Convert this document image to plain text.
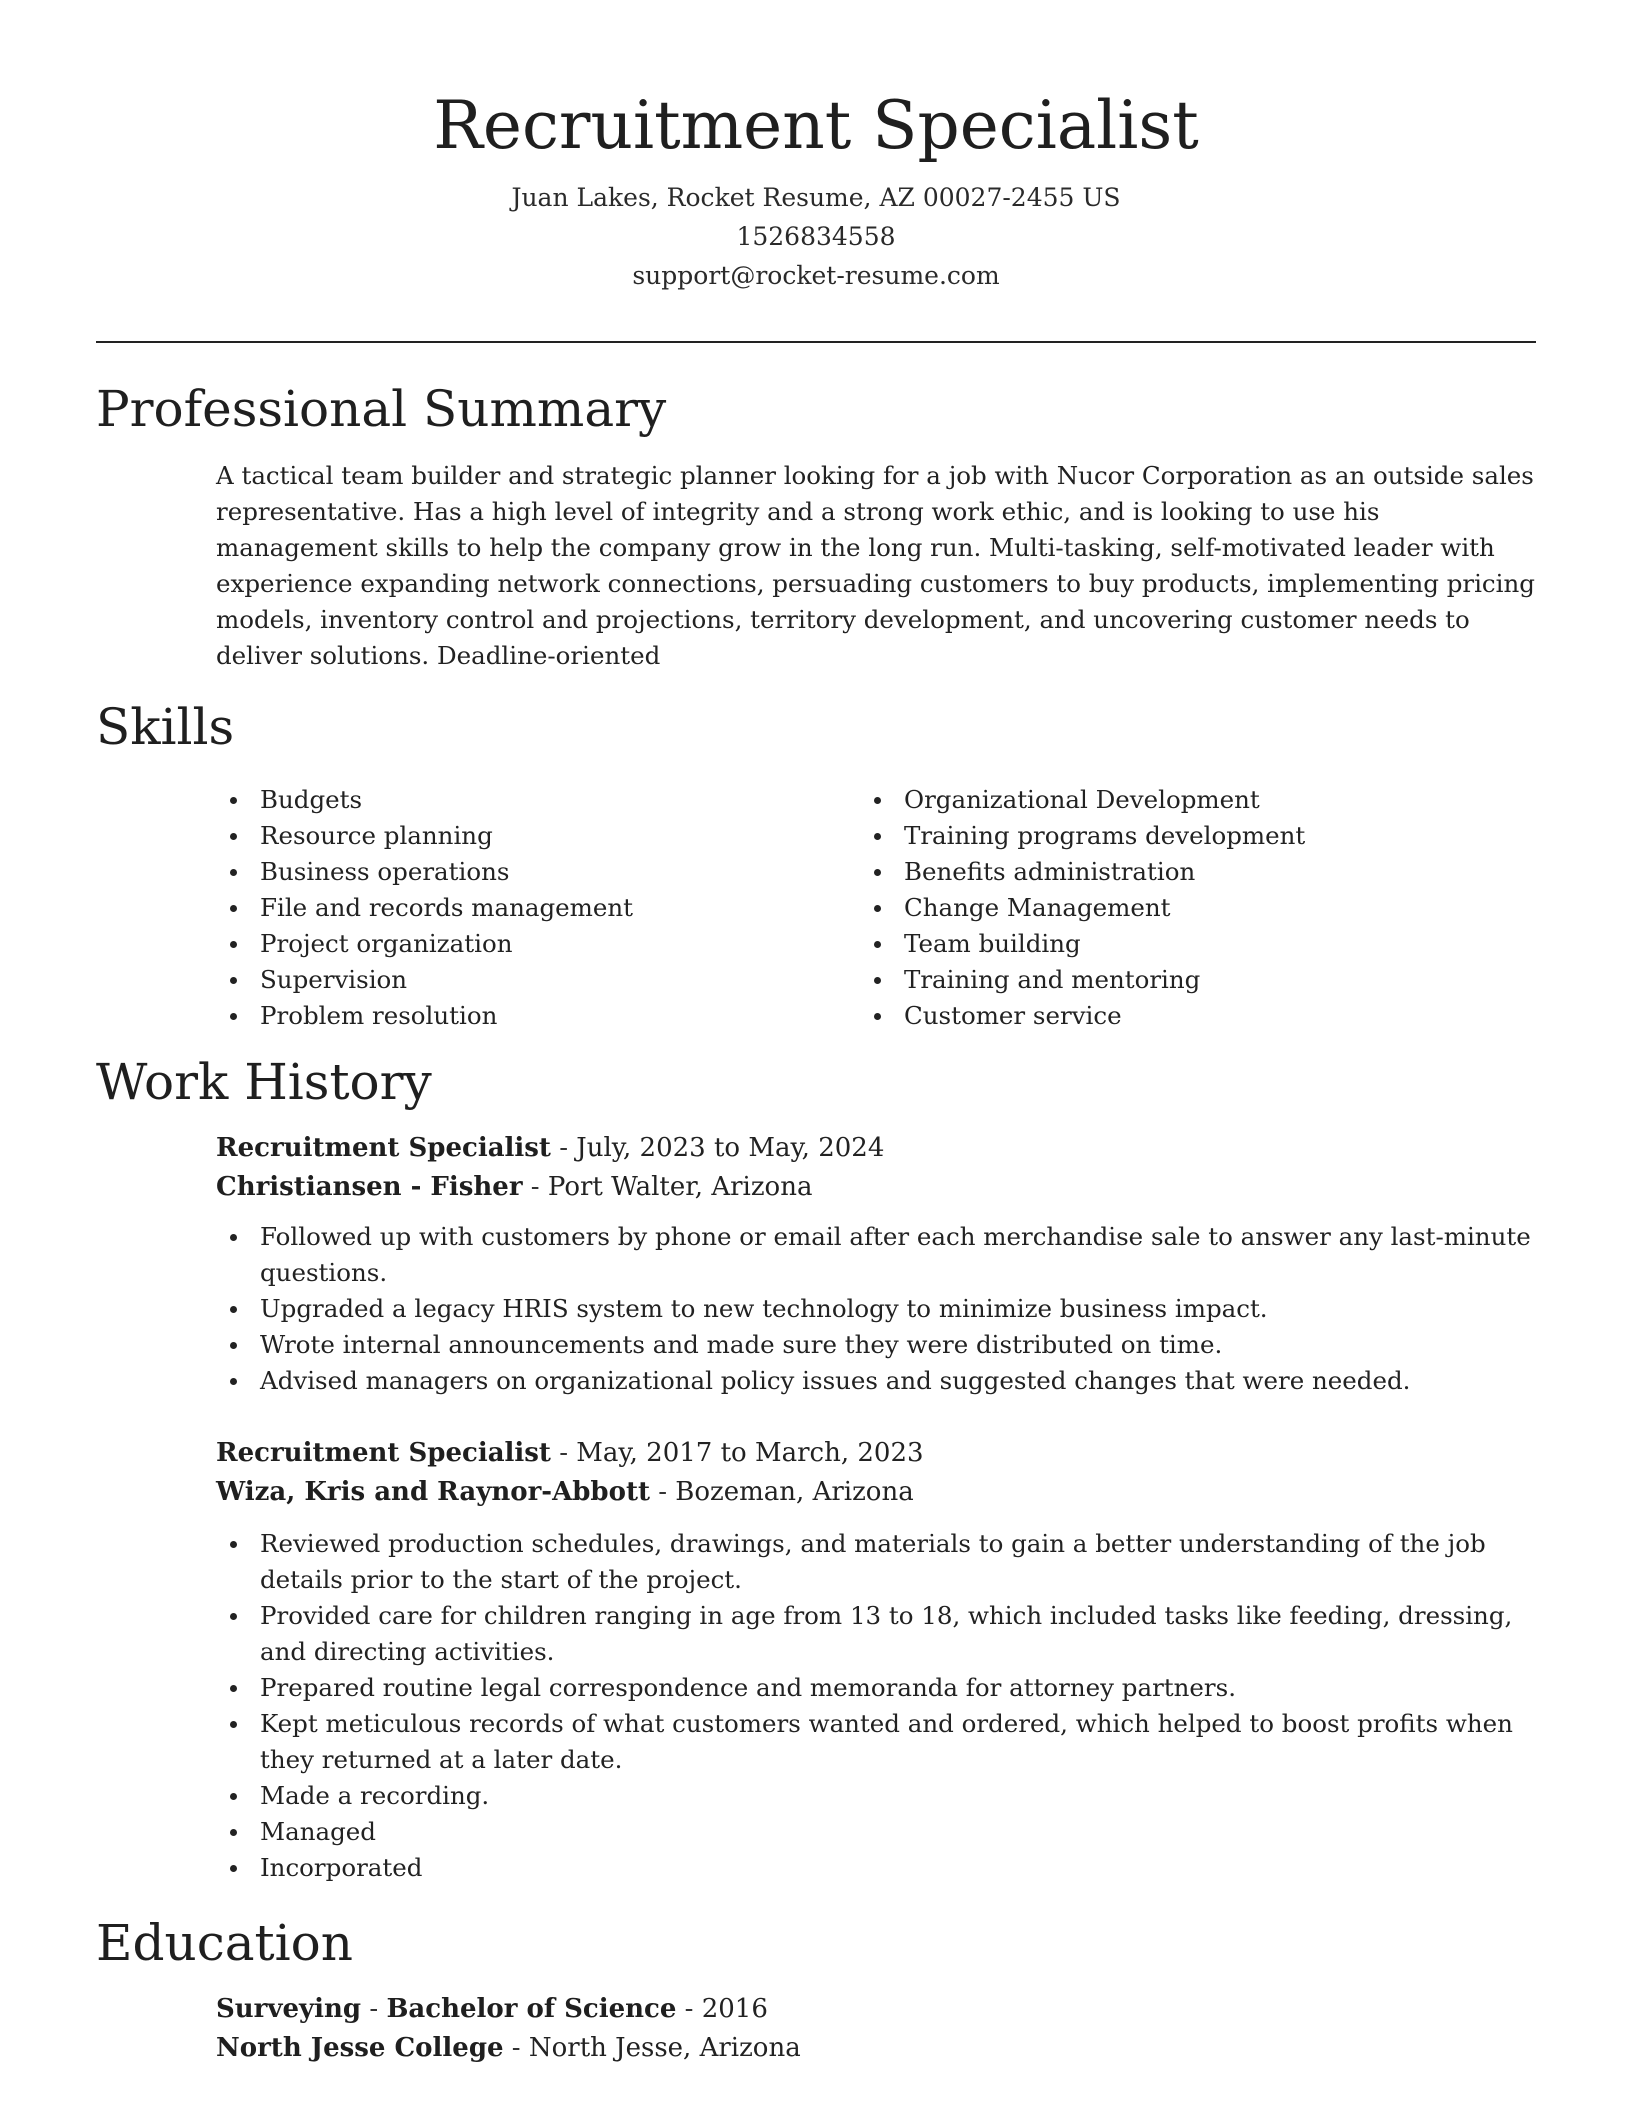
Recruitment Specialist
Juan Lakes, Rocket Resume, AZ 00027-2455 US
1526834558
support@rocket-resume.com
Professional Summary
A tactical team builder and strategic planner looking for a job with Nucor Corporation as an outside sales representative. Has a high level of integrity and a strong work ethic, and is looking to use his management skills to help the company grow in the long run. Multi-tasking, self-motivated leader with experience expanding network connections, persuading customers to buy products, implementing pricing models, inventory control and projections, territory development, and uncovering customer needs to deliver solutions. Deadline-oriented
Skills
Budgets
Resource planning
Business operations
File and records management
Project organization
Supervision
Problem resolution
Organizational Development
Training programs development
Benefits administration
Change Management
Team building
Training and mentoring
Customer service
Work History
Recruitment Specialist - July, 2023 to May, 2024
Christiansen - Fisher - Port Walter, Arizona
Followed up with customers by phone or email after each merchandise sale to answer any last-minute questions.
Upgraded a legacy HRIS system to new technology to minimize business impact.
Wrote internal announcements and made sure they were distributed on time.
Advised managers on organizational policy issues and suggested changes that were needed.
Recruitment Specialist - May, 2017 to March, 2023
Wiza, Kris and Raynor-Abbott - Bozeman, Arizona
Reviewed production schedules, drawings, and materials to gain a better understanding of the job details prior to the start of the project.
Provided care for children ranging in age from 13 to 18, which included tasks like feeding, dressing, and directing activities.
Prepared routine legal correspondence and memoranda for attorney partners.
Kept meticulous records of what customers wanted and ordered, which helped to boost profits when they returned at a later date.
Made a recording.
Managed
Incorporated
Education
Surveying - Bachelor of Science - 2016
North Jesse College - North Jesse, Arizona
